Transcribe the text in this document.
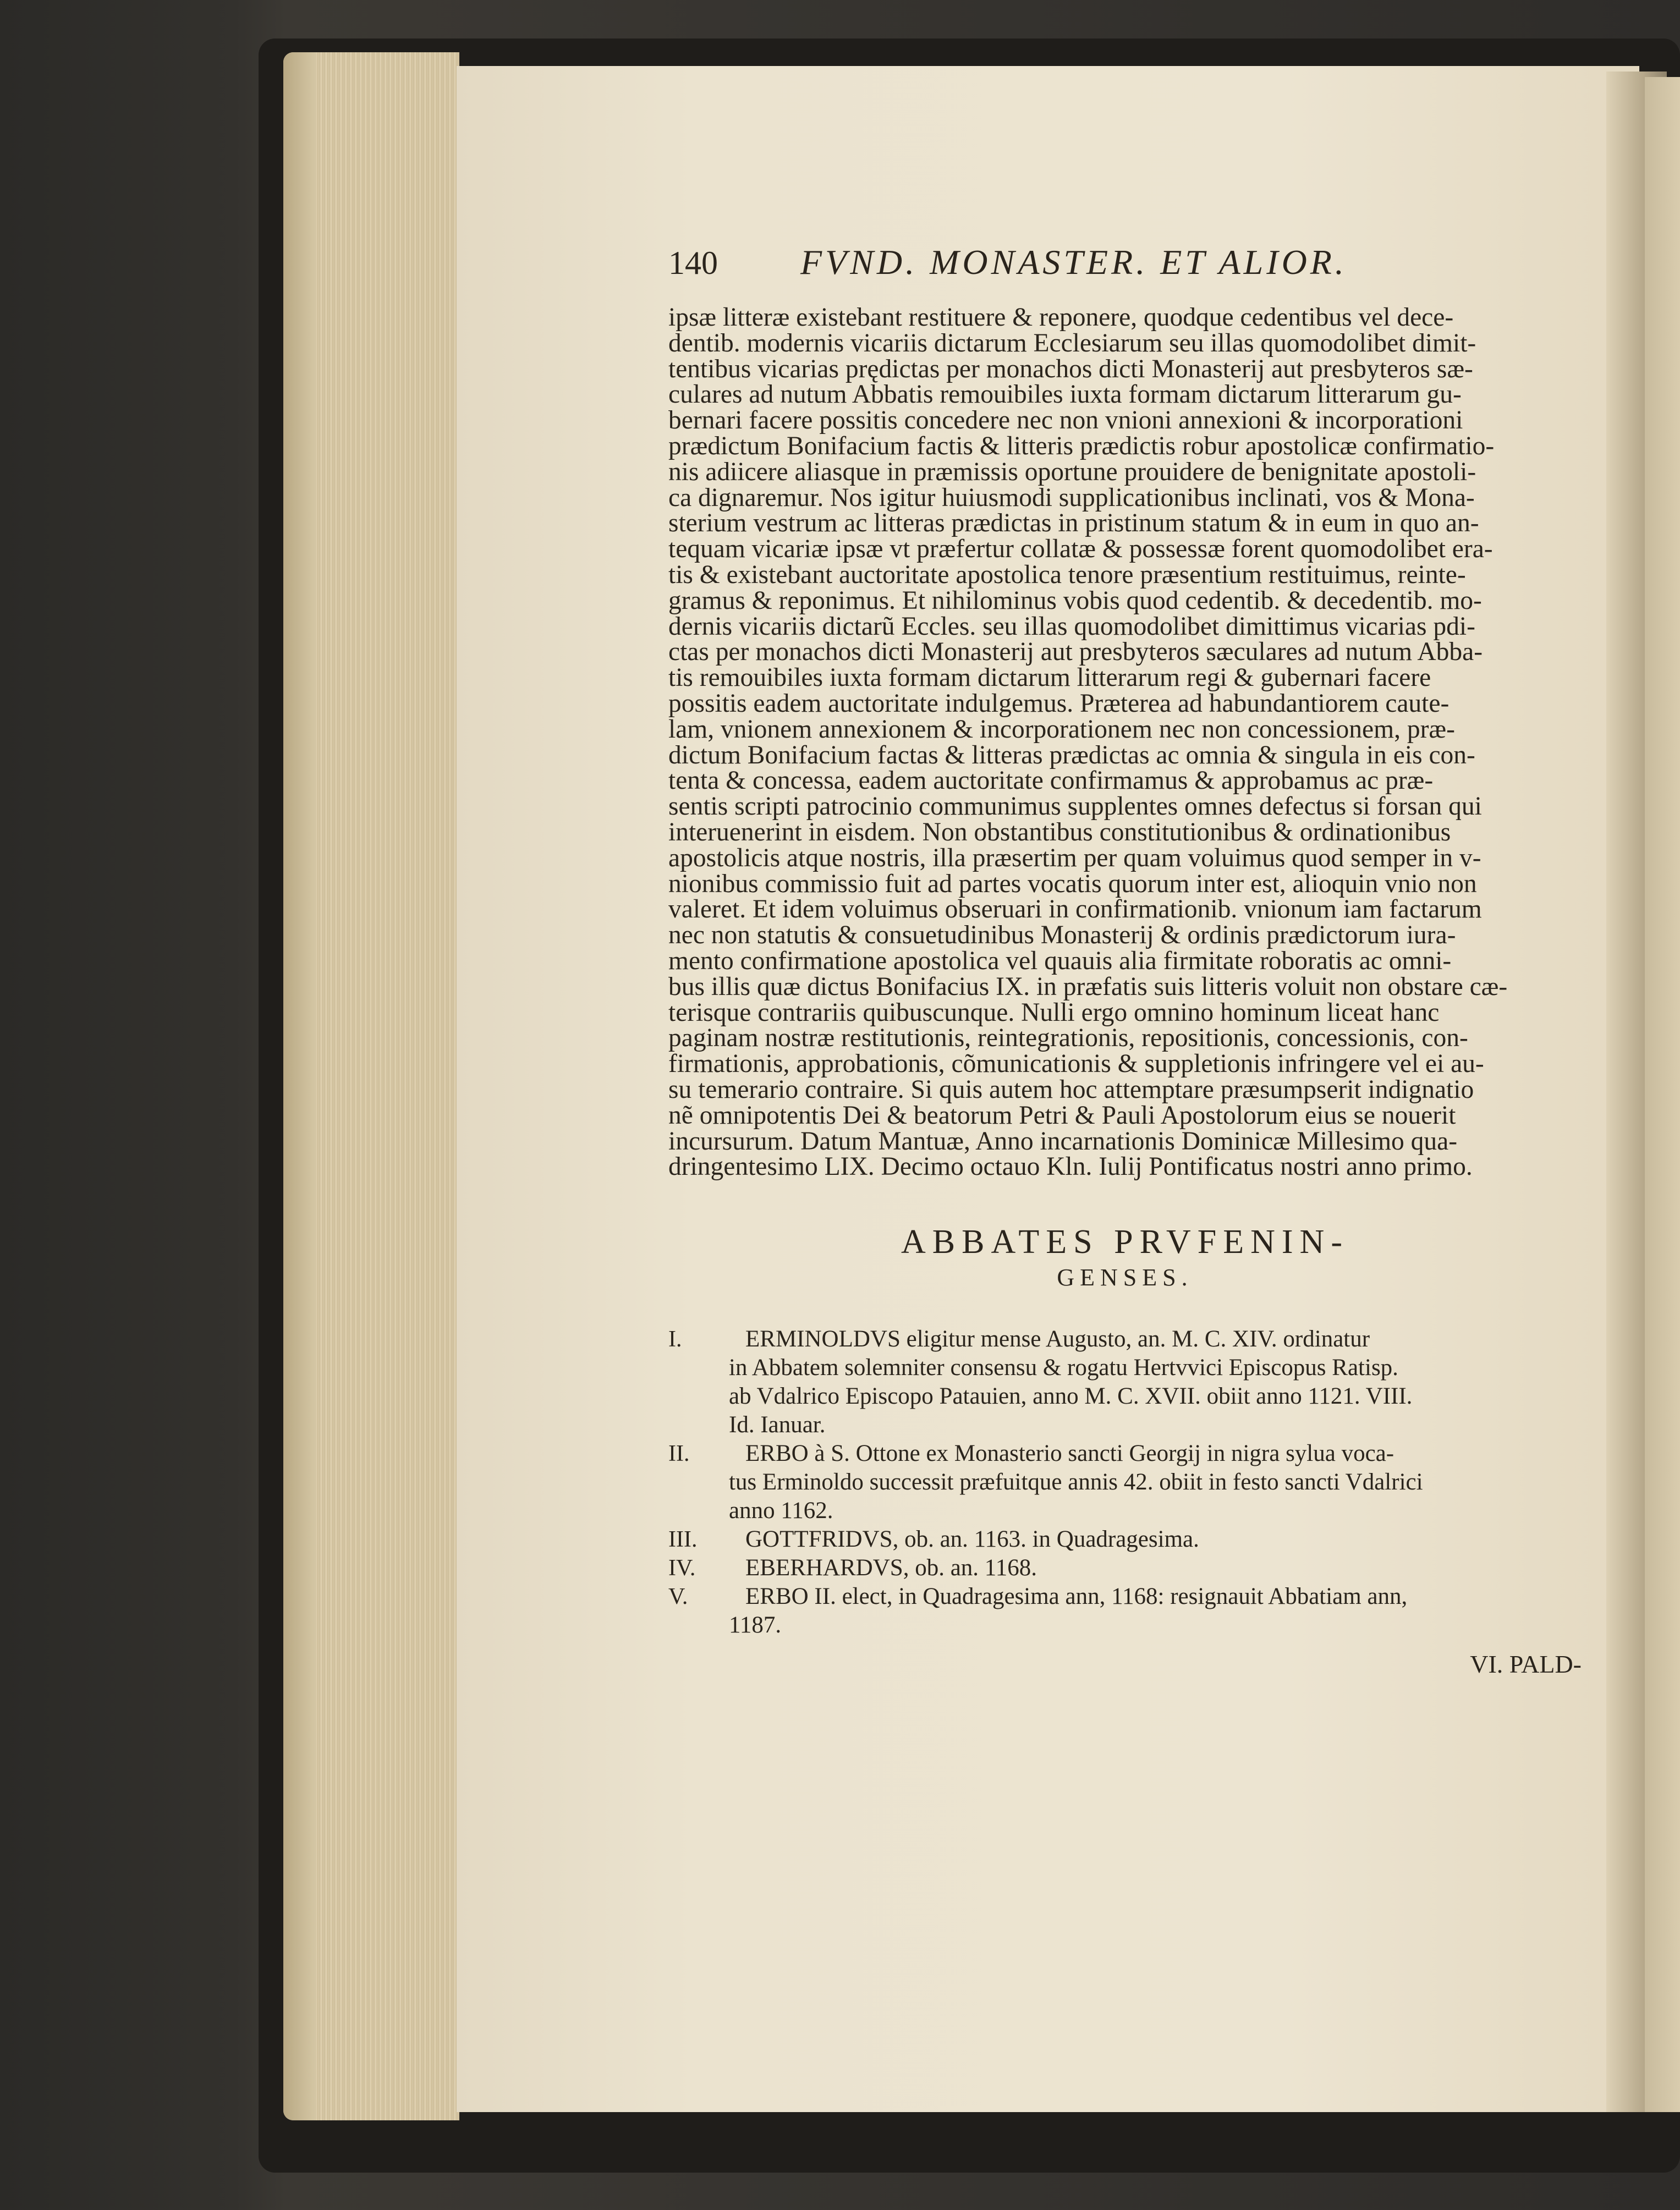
140	FVND. MONASTER. ET ALIOR.
ipsæ litteræ existebant restituere & reponere, quodque cedentibus vel dece-
dentib. modernis vicariis dictarum Ecclesiarum seu illas quomodolibet dimit-
tentibus vicarias prędictas per monachos dicti Monasterij aut presbyteros sæ-
culares ad nutum Abbatis remouibiles iuxta formam dictarum litterarum gu-
bernari facere possitis concedere nec non vnioni annexioni & incorporationi
prædictum Bonifacium factis & litteris prædictis robur apostolicæ confirmatio-
nis adiicere aliasque in præmissis oportune prouidere de benignitate apostoli-
ca dignaremur. Nos igitur huiusmodi supplicationibus inclinati, vos & Mona-
sterium vestrum ac litteras prædictas in pristinum statum & in eum in quo an-
tequam vicariæ ipsæ vt præfertur collatæ & possessæ forent quomodolibet era-
tis & existebant auctoritate apostolica tenore præsentium restituimus, reinte-
gramus & reponimus. Et nihilominus vobis quod cedentib. & decedentib. mo-
dernis vicariis dictarũ Eccles. seu illas quomodolibet dimittimus vicarias pdi-
ctas per monachos dicti Monasterij aut presbyteros sæculares ad nutum Abba-
tis remouibiles iuxta formam dictarum litterarum regi & gubernari facere
possitis eadem auctoritate indulgemus. Præterea ad habundantiorem caute-
lam, vnionem annexionem & incorporationem nec non concessionem, præ-
dictum Bonifacium factas & litteras prædictas ac omnia & singula in eis con-
tenta & concessa, eadem auctoritate confirmamus & approbamus ac præ-
sentis scripti patrocinio communimus supplentes omnes defectus si forsan qui
interuenerint in eisdem. Non obstantibus constitutionibus & ordinationibus
apostolicis atque nostris, illa præsertim per quam voluimus quod semper in v-
nionibus commissio fuit ad partes vocatis quorum inter est, alioquin vnio non
valeret. Et idem voluimus obseruari in confirmationib. vnionum iam factarum
nec non statutis & consuetudinibus Monasterij & ordinis prædictorum iura-
mento confirmatione apostolica vel quauis alia firmitate roboratis ac omni-
bus illis quæ dictus Bonifacius IX. in præfatis suis litteris voluit non obstare cæ-
terisque contrariis quibuscunque. Nulli ergo omnino hominum liceat hanc
paginam nostræ restitutionis, reintegrationis, repositionis, concessionis, con-
firmationis, approbationis, cõmunicationis & suppletionis infringere vel ei au-
su temerario contraire. Si quis autem hoc attemptare præsumpserit indignatio
nẽ omnipotentis Dei & beatorum Petri & Pauli Apostolorum eius se nouerit
incursurum. Datum Mantuæ, Anno incarnationis Dominicæ Millesimo qua-
dringentesimo LIX. Decimo octauo Kln. Iulij Pontificatus nostri anno primo.
ABBATES PRVFENIN-
GENSES.
I.	ERMINOLDVS eligitur mense Augusto, an. M. C. XIV. ordinatur
in Abbatem solemniter consensu & rogatu Hertvvici Episcopus Ratisp.
ab Vdalrico Episcopo Patauien, anno M. C. XVII. obiit anno 1121. VIII.
Id. Ianuar.
II.	ERBO à S. Ottone ex Monasterio sancti Georgij in nigra sylua voca-
tus Erminoldo successit præfuitque annis 42. obiit in festo sancti Vdalrici
anno 1162.
III.	GOTTFRIDVS, ob. an. 1163. in Quadragesima.
IV.	EBERHARDVS, ob. an. 1168.
V.	ERBO II. elect, in Quadragesima ann, 1168: resignauit Abbatiam ann,
1187.
VI. PALD-
